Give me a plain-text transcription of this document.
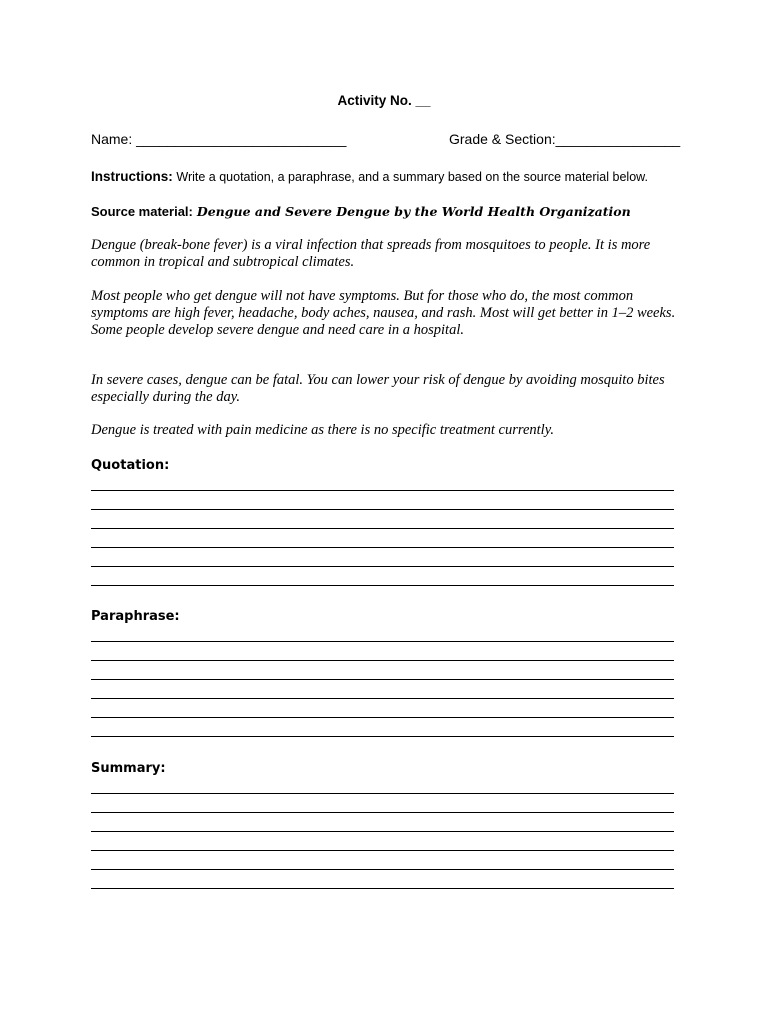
Activity No. __
Name: ___________________________	Grade & Section:________________
Instructions: Write a quotation, a paraphrase, and a summary based on the source material below.
Source material: Dengue and Severe Dengue by the World Health Organization

Dengue (break-bone fever) is a viral infection that spreads from mosquitoes to people. It is more common in tropical and subtropical climates.

Most people who get dengue will not have symptoms. But for those who do, the most common symptoms are high fever, headache, body aches, nausea, and rash. Most will get better in 1–2 weeks. Some people develop severe dengue and need care in a hospital.

In severe cases, dengue can be fatal. You can lower your risk of dengue by avoiding mosquito bites especially during the day.

Dengue is treated with pain medicine as there is no specific treatment currently.

Quotation:
Paraphrase:
Summary:
